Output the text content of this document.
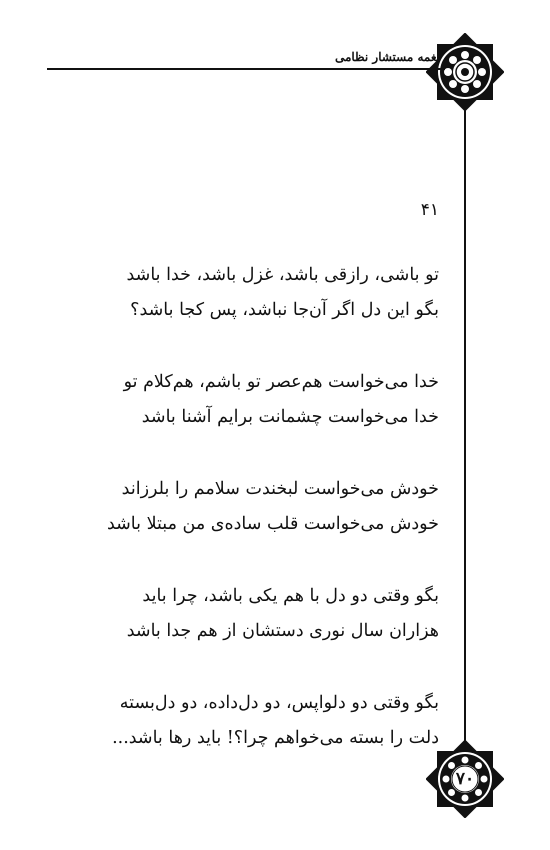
نغمه مستشار نظامی
۴۱
تو باشی، رازقی باشد، غزل باشد، خدا باشد
بگو این دل اگر آن‌جا نباشد، پس کجا باشد؟
خدا می‌خواست هم‌عصر تو باشم، هم‌کلام تو
خدا می‌خواست چشمانت برایم آشنا باشد
خودش می‌خواست لبخندت سلامم را بلرزاند
خودش می‌خواست قلب ساده‌ی من مبتلا باشد
بگو وقتی دو دل با هم یکی باشد، چرا باید
هزاران سال نوری دستشان از هم جدا باشد
بگو وقتی دو دلواپس، دو دل‌داده، دو دل‌بسته
دلت را بسته می‌خواهم چرا؟! باید رها باشد...
۷۰
